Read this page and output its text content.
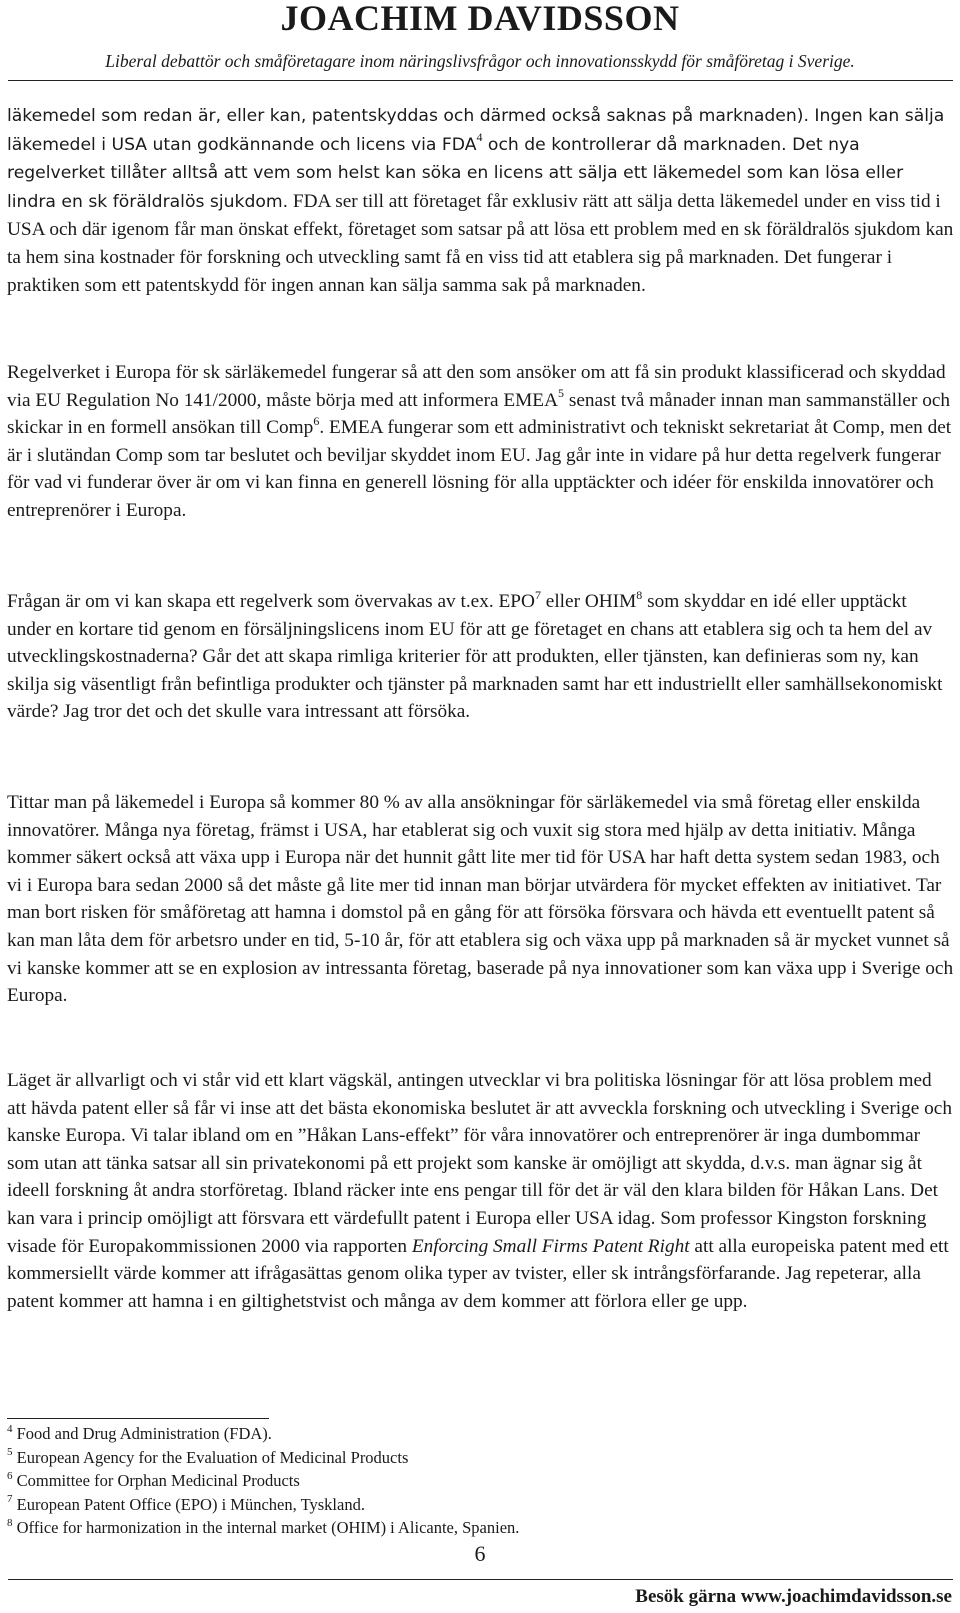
JOACHIM DAVIDSSON
Liberal debattör och småföretagare inom näringslivsfrågor och innovationsskydd för småföretag i Sverige.

läkemedel som redan är, eller kan, patentskyddas och därmed också saknas på marknaden). Ingen kan sälja läkemedel i USA utan godkännande och licens via FDA$^4$ och de kontrollerar då marknaden. Det nya regelverket tillåter alltså att vem som helst kan söka en licens att sälja ett läkemedel som kan lösa eller lindra en sk föräldralös sjukdom. FDA ser till att företaget får exklusiv rätt att sälja detta läkemedel under en viss tid i USA och där igenom får man önskat effekt, företaget som satsar på att lösa ett problem med en sk föräldralös sjukdom kan ta hem sina kostnader för forskning och utveckling samt få en viss tid att etablera sig på marknaden. Det fungerar i praktiken som ett patentskydd för ingen annan kan sälja samma sak på marknaden.

Regelverket i Europa för sk särläkemedel fungerar så att den som ansöker om att få sin produkt klassificerad och skyddad via EU Regulation No 141/2000, måste börja med att informera EMEA$^5$ senast två månader innan man sammanställer och skickar in en formell ansökan till Comp$^6$. EMEA fungerar som ett administrativt och tekniskt sekretariat åt Comp, men det är i slutändan Comp som tar beslutet och beviljar skyddet inom EU. Jag går inte in vidare på hur detta regelverk fungerar för vad vi funderar över är om vi kan finna en generell lösning för alla upptäckter och idéer för enskilda innovatörer och entreprenörer i Europa.

Frågan är om vi kan skapa ett regelverk som övervakas av t.ex. EPO$^7$ eller OHIM$^8$ som skyddar en idé eller upptäckt under en kortare tid genom en försäljningslicens inom EU för att ge företaget en chans att etablera sig och ta hem del av utvecklingskostnaderna? Går det att skapa rimliga kriterier för att produkten, eller tjänsten, kan definieras som ny, kan skilja sig väsentligt från befintliga produkter och tjänster på marknaden samt har ett industriellt eller samhällsekonomiskt värde? Jag tror det och det skulle vara intressant att försöka.

Tittar man på läkemedel i Europa så kommer 80 % av alla ansökningar för särläkemedel via små företag eller enskilda innovatörer. Många nya företag, främst i USA, har etablerat sig och vuxit sig stora med hjälp av detta initiativ. Många kommer säkert också att växa upp i Europa när det hunnit gått lite mer tid för USA har haft detta system sedan 1983, och vi i Europa bara sedan 2000 så det måste gå lite mer tid innan man börjar utvärdera för mycket effekten av initiativet. Tar man bort risken för småföretag att hamna i domstol på en gång för att försöka försvara och hävda ett eventuellt patent så kan man låta dem för arbetsro under en tid, 5-10 år, för att etablera sig och växa upp på marknaden så är mycket vunnet så vi kanske kommer att se en explosion av intressanta företag, baserade på nya innovationer som kan växa upp i Sverige och Europa.

Läget är allvarligt och vi står vid ett klart vägskäl, antingen utvecklar vi bra politiska lösningar för att lösa problem med att hävda patent eller så får vi inse att det bästa ekonomiska beslutet är att avveckla forskning och utveckling i Sverige och kanske Europa. Vi talar ibland om en ”Håkan Lans-effekt” för våra innovatörer och entreprenörer är inga dumbommar som utan att tänka satsar all sin privatekonomi på ett projekt som kanske är omöjligt att skydda, d.v.s. man ägnar sig åt ideell forskning åt andra storföretag. Ibland räcker inte ens pengar till för det är väl den klara bilden för Håkan Lans. Det kan vara i princip omöjligt att försvara ett värdefullt patent i Europa eller USA idag. Som professor Kingston forskning visade för Europakommissionen 2000 via rapporten Enforcing Small Firms Patent Right att alla europeiska patent med ett kommersiellt värde kommer att ifrågasättas genom olika typer av tvister, eller sk intrångsförfarande. Jag repeterar, alla patent kommer att hamna i en giltighetstvist och många av dem kommer att förlora eller ge upp.

$^4$ Food and Drug Administration (FDA).

$^5$ European Agency for the Evaluation of Medicinal Products

$^6$ Committee for Orphan Medicinal Products

$^7$ European Patent Office (EPO) i München, Tyskland.

$^8$ Office for harmonization in the internal market (OHIM) i Alicante, Spanien.

6
Besök gärna www.joachimdavidsson.se
